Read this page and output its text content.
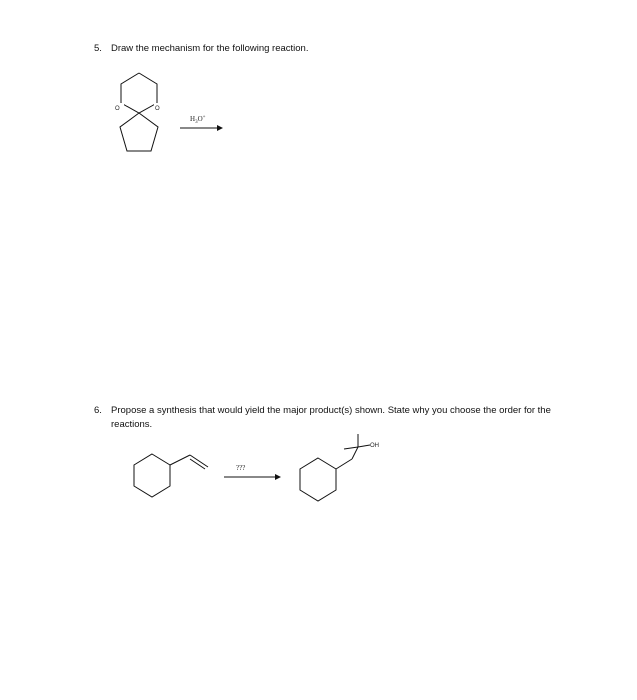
5. Draw the mechanism for the following reaction.
6. Propose a synthesis that would yield the major product(s) shown. State why you choose the order for the reactions.
O	O
$H_3O^+$
???
OH
